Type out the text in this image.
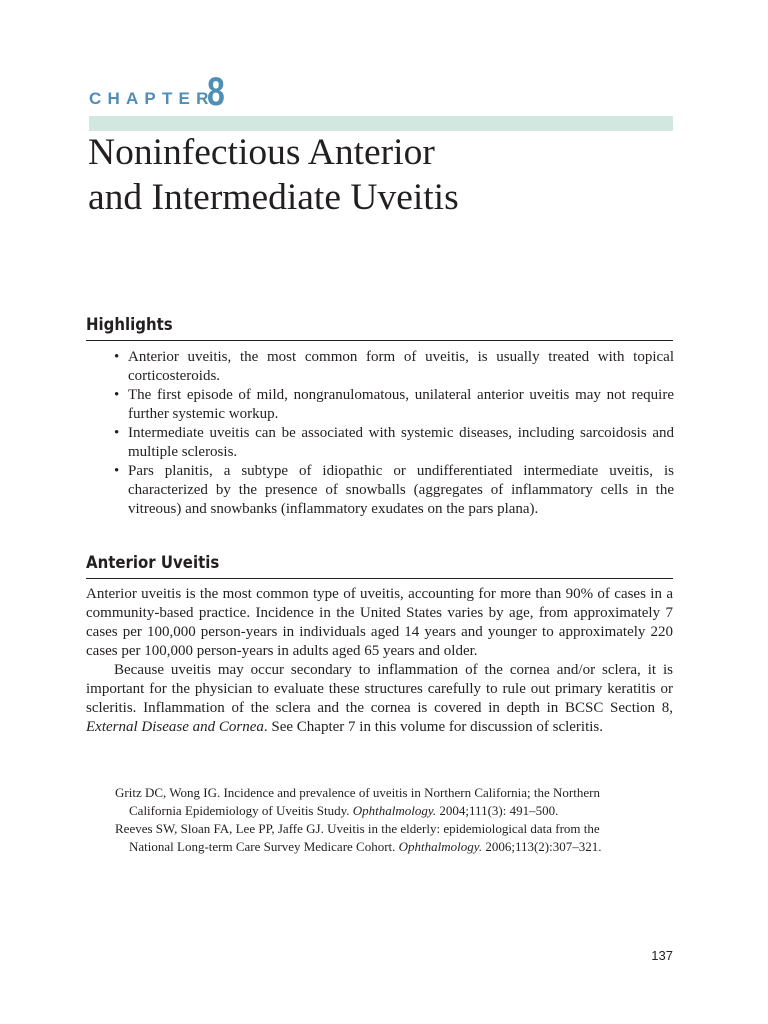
CHAPTER
8
Noninfectious Anterior
and Intermediate Uveitis
Highlights
• Anterior uveitis, the most common form of uveitis, is usually treated with topical corticosteroids.
• The first episode of mild, nongranulomatous, unilateral anterior uveitis may not require further systemic workup.
• Intermediate uveitis can be associated with systemic diseases, including sarcoidosis and multiple sclerosis.
• Pars planitis, a subtype of idiopathic or undifferentiated intermediate uveitis, is characterized by the presence of snowballs (aggregates of inflammatory cells in the vitreous) and snowbanks (inflammatory exudates on the pars plana).
Anterior Uveitis

Anterior uveitis is the most common type of uveitis, accounting for more than 90% of cases in a community-based practice. Incidence in the United States varies by age, from approximately 7 cases per 100,000 person-years in individuals aged 14 years and younger to approximately 220 cases per 100,000 person-years in adults aged 65 years and older.

Because uveitis may occur secondary to inflammation of the cornea and/or sclera, it is important for the physician to evaluate these structures carefully to rule out primary keratitis or scleritis. Inflammation of the sclera and the cornea is covered in depth in BCSC Section 8, External Disease and Cornea. See Chapter 7 in this volume for discussion of scleritis.

Gritz DC, Wong IG. Incidence and prevalence of uveitis in Northern California; the Northern California Epidemiology of Uveitis Study. Ophthalmology. 2004;111(3): 491–500.

Reeves SW, Sloan FA, Lee PP, Jaffe GJ. Uveitis in the elderly: epidemiological data from the National Long-term Care Survey Medicare Cohort. Ophthalmology. 2006;113(2):307–321.

137
